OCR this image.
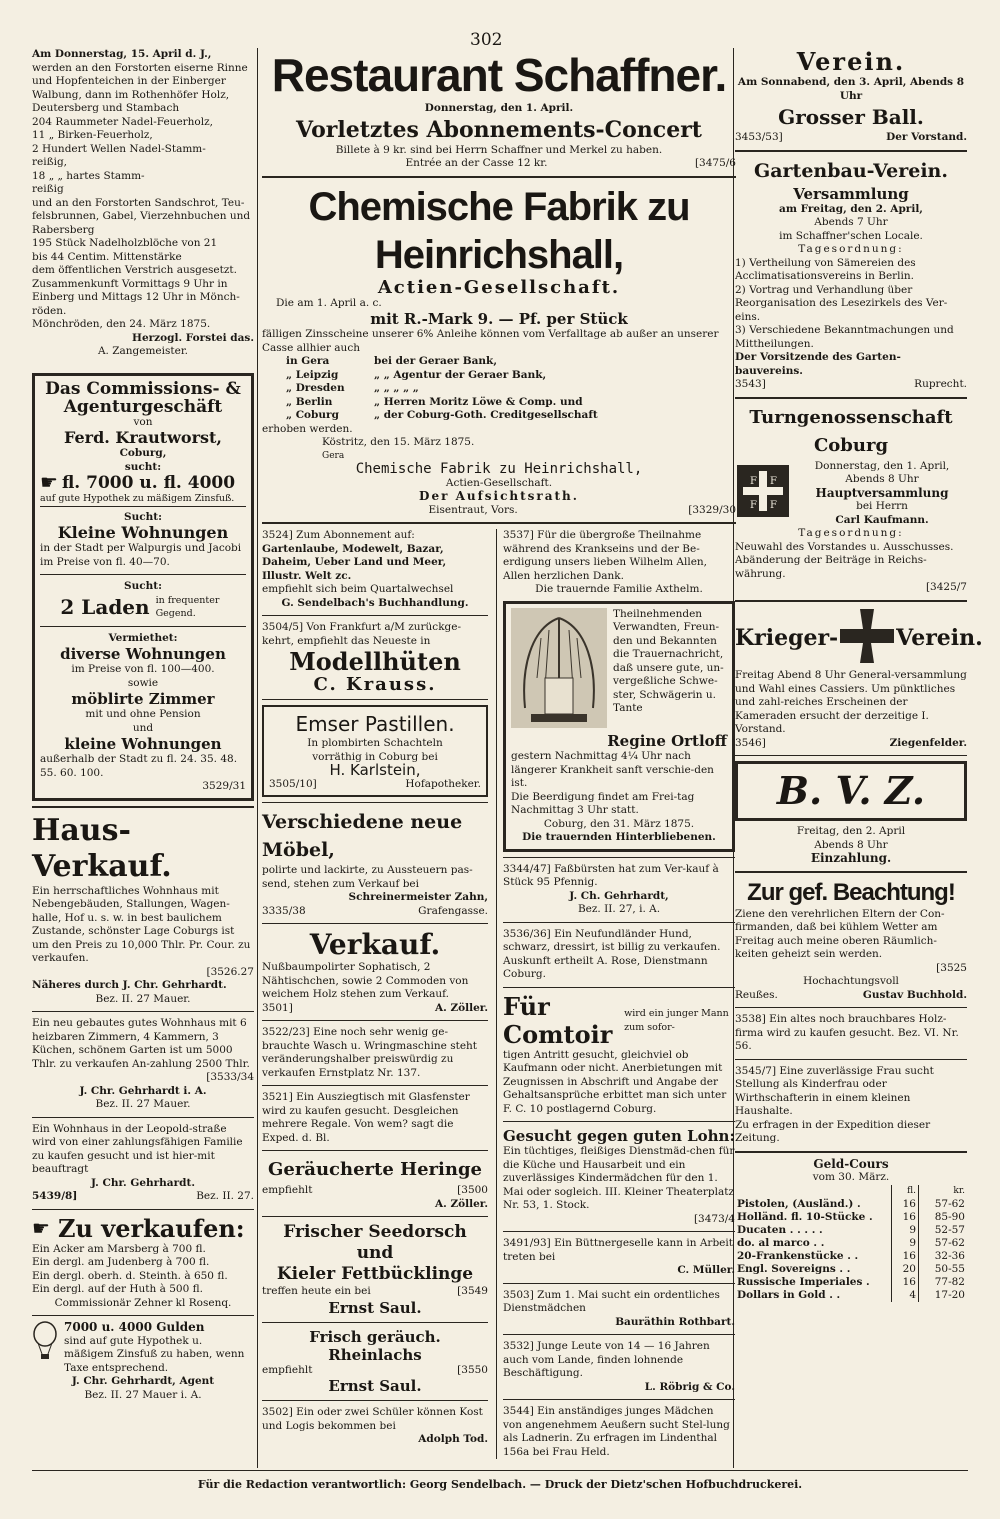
302
Am Donnerstag, 15. April d. J.,
werden an den Forstorten eiserne Rinne
und Hopfenteichen in der Einberger
Walbung, dann im Rothenhöfer Holz,
Deutersberg und Stambach
204 Raummeter Nadel-Feuerholz,
11 „ Birken-Feuerholz,
2 Hundert Wellen Nadel-Stamm-
reißig,
18 „ „ hartes Stamm-
reißig
und an den Forstorten Sandschrot, Teu-
felsbrunnen, Gabel, Vierzehnbuchen und
Rabersberg
195 Stück Nadelholzblöche von 21
bis 44 Centim. Mittenstärke
dem öffentlichen Verstrich ausgesetzt.
Zusammenkunft Vormittags 9 Uhr in
Einberg und Mittags 12 Uhr in Mönch-
röden.
Mönchröden, den 24. März 1875.
Herzogl. Forstei das.
A. Zangemeister.
Das Commissions- &
Agenturgeschäft
von
Ferd. Krautworst,
Coburg,
sucht:
☛ fl. 7000 u. fl. 4000
auf gute Hypothek zu mäßigem Zinsfuß.
Sucht:
Kleine Wohnungen
in der Stadt per Walpurgis und Jacobi im Preise von fl. 40—70.
Sucht:
2 Laden in frequenter Gegend.
Vermiethet:
diverse Wohnungen
im Preise von fl. 100—400.
sowie
möblirte Zimmer
mit und ohne Pension
und
kleine Wohnungen
außerhalb der Stadt zu fl. 24. 35. 48. 55. 60. 100.
3529/31
Haus-Verkauf.
Ein herrschaftliches Wohnhaus mit Nebengebäuden, Stallungen, Wagen-halle, Hof u. s. w. in best baulichem Zustande, schönster Lage Coburgs ist um den Preis zu 10,000 Thlr. Pr. Cour. zu verkaufen.
[3526.27
Näheres durch J. Chr. Gehrhardt.
Bez. II. 27 Mauer.
Ein neu gebautes gutes Wohnhaus mit 6 heizbaren Zimmern, 4 Kammern, 3 Küchen, schönem Garten ist um 5000 Thlr. zu verkaufen An-zahlung 2500 Thlr.
[3533/34
J. Chr. Gehrhardt i. A.
Bez. II. 27 Mauer.
Ein Wohnhaus in der Leopold-straße wird von einer zahlungsfähigen Familie zu kaufen gesucht und ist hier-mit beauftragt
J. Chr. Gehrhardt.
5439/8]	Bez. II. 27.
☛ Zu verkaufen:
Ein Acker am Marsberg à 700 fl.
Ein dergl. am Judenberg à 700 fl.
Ein dergl. oberh. d. Steinth. à 650 fl.
Ein dergl. auf der Huth à 500 fl.
Commissionär Zehner kl Rosenq.
7000 u. 4000 Gulden
sind auf gute Hypothek u. mäßigem Zinsfuß zu haben, wenn Taxe entsprechend.
J. Chr. Gehrhardt, Agent
Bez. II. 27 Mauer i. A.
Restaurant Schaffner.
Donnerstag, den 1. April.
Vorletztes Abonnements-Concert
Billete à 9 kr. sind bei Herrn Schaffner und Merkel zu haben.
Entrée an der Casse 12 kr.	[3475/6
Chemische Fabrik zu Heinrichshall,
Actien-Gesellschaft.
Die am 1. April a. c.
mit R.-Mark 9. — Pf. per Stück
fälligen Zinsscheine unserer 6% Anleihe können vom Verfalltage ab außer an unserer Casse allhier auch
in Gera	bei der Geraer Bank,
„ Leipzig	„ „ Agentur der Geraer Bank,
„ Dresden	„ „ „ „ „
„ Berlin	„ Herren Moritz Löwe & Comp. und
„ Coburg	„ der Coburg-Goth. Creditgesellschaft
erhoben werden.
Köstritz, den 15. März 1875.
Gera
Chemische Fabrik zu Heinrichshall,
Actien-Gesellschaft.
Der Aufsichtsrath.
Eisentraut, Vors.	[3329/30
3524] Zum Abonnement auf:
Gartenlaube, Modewelt, Bazar, Daheim, Ueber Land und Meer, Illustr. Welt zc.
empfiehlt sich beim Quartalwechsel
G. Sendelbach's Buchhandlung.
3504/5] Von Frankfurt a/M zurückge-kehrt, empfiehlt das Neueste in
Modellhüten
C. Krauss.
Emser Pastillen.
In plombirten Schachteln
vorräthig in Coburg bei
H. Karlstein,
3505/10]	Hofapotheker.
Verschiedene neue Möbel,
polirte und lackirte, zu Aussteuern pas-send, stehen zum Verkauf bei
Schreinermeister Zahn,
3335/38	Grafengasse.
Verkauf.
Nußbaumpolirter Sophatisch, 2 Nähtischchen, sowie 2 Commoden von weichem Holz stehen zum Verkauf.
3501]	A. Zöller.
3522/23] Eine noch sehr wenig ge-brauchte Wasch u. Wringmaschine steht veränderungshalber preiswürdig zu verkaufen Ernstplatz Nr. 137.
3521] Ein Ausziegtisch mit Glasfenster wird zu kaufen gesucht. Desgleichen mehrere Regale. Von wem? sagt die Exped. d. Bl.
Geräucherte Heringe
empfiehlt	[3500
A. Zöller.
Frischer Seedorsch und
Kieler Fettbücklinge
treffen heute ein bei	[3549
Ernst Saul.
Frisch geräuch. Rheinlachs
empfiehlt	[3550
Ernst Saul.
3502] Ein oder zwei Schüler können Kost und Logis bekommen bei
Adolph Tod.
3537] Für die übergroße Theilnahme während des Krankseins und der Be-erdigung unsers lieben Wilhelm Allen, Allen herzlichen Dank.
Die trauernde Familie Axthelm.
Theilnehmenden Verwandten, Freun-den und Bekannten die Trauernachricht, daß unsere gute, un-vergeßliche Schwe-ster, Schwägerin u. Tante
Regine Ortloff
gestern Nachmittag 4¼ Uhr nach längerer Krankheit sanft verschie-den ist.
Die Beerdigung findet am Frei-tag Nachmittag 3 Uhr statt.
Coburg, den 31. März 1875.
Die trauernden Hinterbliebenen.
3344/47] Faßbürsten hat zum Ver-kauf à Stück 95 Pfennig.
J. Ch. Gehrhardt,
Bez. II. 27, i. A.
3536/36] Ein Neufundländer Hund, schwarz, dressirt, ist billig zu verkaufen. Auskunft ertheilt A. Rose, Dienstmann Coburg.
Für Comtoir
wird ein junger Mann zum sofor-
tigen Antritt gesucht, gleichviel ob Kaufmann oder nicht. Anerbietungen mit Zeugnissen in Abschrift und Angabe der Gehaltsansprüche erbittet man sich unter F. C. 10 postlagernd Coburg.
Gesucht gegen guten Lohn:
Ein tüchtiges, fleißiges Dienstmäd-chen für die Küche und Hausarbeit und ein zuverlässiges Kindermädchen für den 1. Mai oder sogleich. III. Kleiner Theaterplatz Nr. 53, 1. Stock.
[3473/4
3491/93] Ein Büttnergeselle kann in Arbeit treten bei
C. Müller.
3503] Zum 1. Mai sucht ein ordentliches Dienstmädchen
Bauräthin Rothbart.
3532] Junge Leute von 14 — 16 Jahren auch vom Lande, finden lohnende Beschäftigung.
L. Röbrig & Co.
3544] Ein anständiges junges Mädchen von angenehmem Aeußern sucht Stel-lung als Ladnerin. Zu erfragen im Lindenthal 156a bei Frau Held.
Verein.
Am Sonnabend, den 3. April, Abends 8 Uhr
Grosser Ball.
3453/53]	Der Vorstand.
Gartenbau-Verein.
Versammlung
am Freitag, den 2. April,
Abends 7 Uhr
im Schaffner'schen Locale.
Tagesordnung:
1) Vertheilung von Sämereien des Acclimatisationsvereins in Berlin.
2) Vortrag und Verhandlung über Reorganisation des Lesezirkels des Ver-eins.
3) Verschiedene Bekanntmachungen und Mittheilungen.
Der Vorsitzende des Garten-bauvereins.
3543]	Ruprecht.
Turngenossenschaft Coburg
F F
F F
Donnerstag, den 1. April,
Abends 8 Uhr
Hauptversammlung
bei Herrn
Carl Kaufmann.
Tagesordnung:
Neuwahl des Vorstandes u. Ausschusses. Abänderung der Beiträge in Reichs-währung.
[3425/7
Krieger-	Verein.
Freitag Abend 8 Uhr General-versammlung und Wahl eines Cassiers. Um pünktliches und zahl-reiches Erscheinen der Kameraden ersucht der derzeitige I. Vorstand.
3546]	Ziegenfelder.
B. V. Z.
Freitag, den 2. April
Abends 8 Uhr
Einzahlung.
Zur gef. Beachtung!
Ziene den verehrlichen Eltern der Con-firmanden, daß bei kühlem Wetter am Freitag auch meine oberen Räumlich-keiten geheizt sein werden.
[3525
Hochachtungsvoll
Reußes.	Gustav Buchhold.
3538] Ein altes noch brauchbares Holz-firma wird zu kaufen gesucht. Bez. VI. Nr. 56.
3545/7] Eine zuverlässige Frau sucht Stellung als Kinderfrau oder Wirthschafterin in einem kleinen Haushalte.
Zu erfragen in der Expedition dieser Zeitung.
Geld-Cours
vom 30. März.
	fl.	kr.
Pistolen, (Ausländ.) .	16	57-62
Holländ. fl. 10-Stücke .	16	85-90
Ducaten . . . . .	9	52-57
do. al marco . .	9	57-62
20-Frankenstücke . .	16	32-36
Engl. Sovereigns . .	20	50-55
Russische Imperiales .	16	77-82
Dollars in Gold . .	4	17-20
Für die Redaction verantwortlich: Georg Sendelbach. — Druck der Dietz'schen Hofbuchdruckerei.
